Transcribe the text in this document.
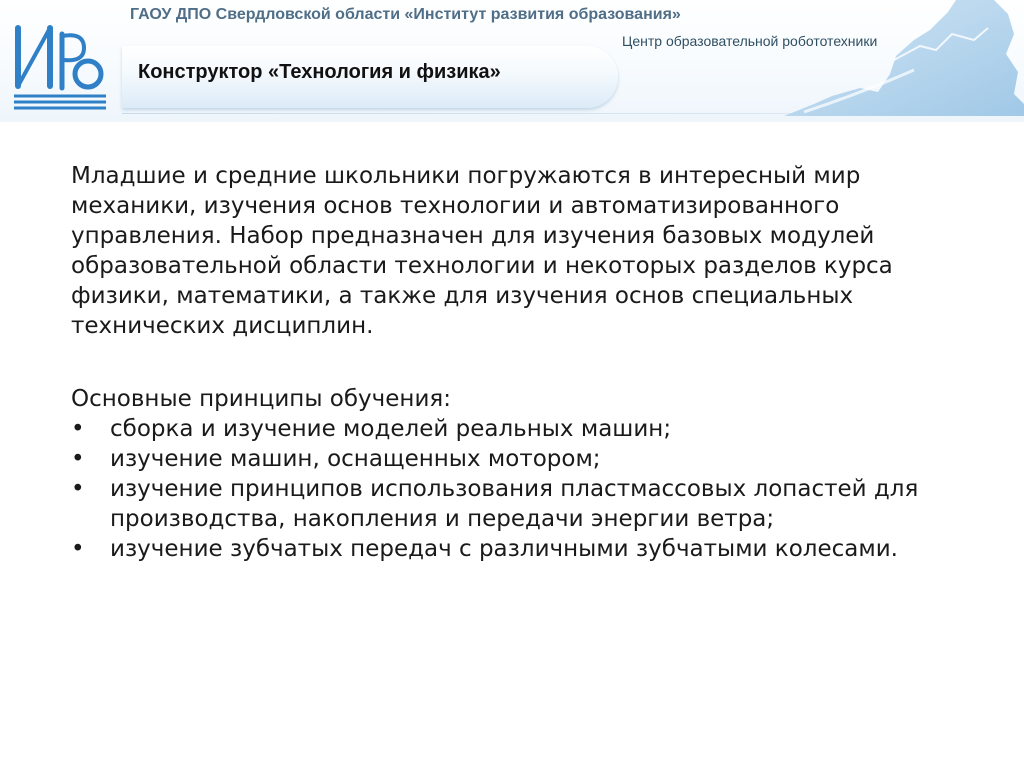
ГАОУ ДПО Свердловской области «Институт развития образования»
Центр образовательной робототехники
Конструктор «Технология и физика»

Младшие и средние школьники погружаются в интересный мир механики, изучения основ технологии и автоматизированного управления. Набор предназначен для изучения базовых модулей образовательной области технологии и некоторых разделов курса физики, математики, а также для изучения основ специальных технических дисциплин.

Основные принципы обучения:

• сборка и изучение моделей реальных машин;
• изучение машин, оснащенных мотором;
• изучение принципов использования пластмассовых лопастей для производства, накопления и передачи энергии ветра;
• изучение зубчатых передач с различными зубчатыми колесами.
